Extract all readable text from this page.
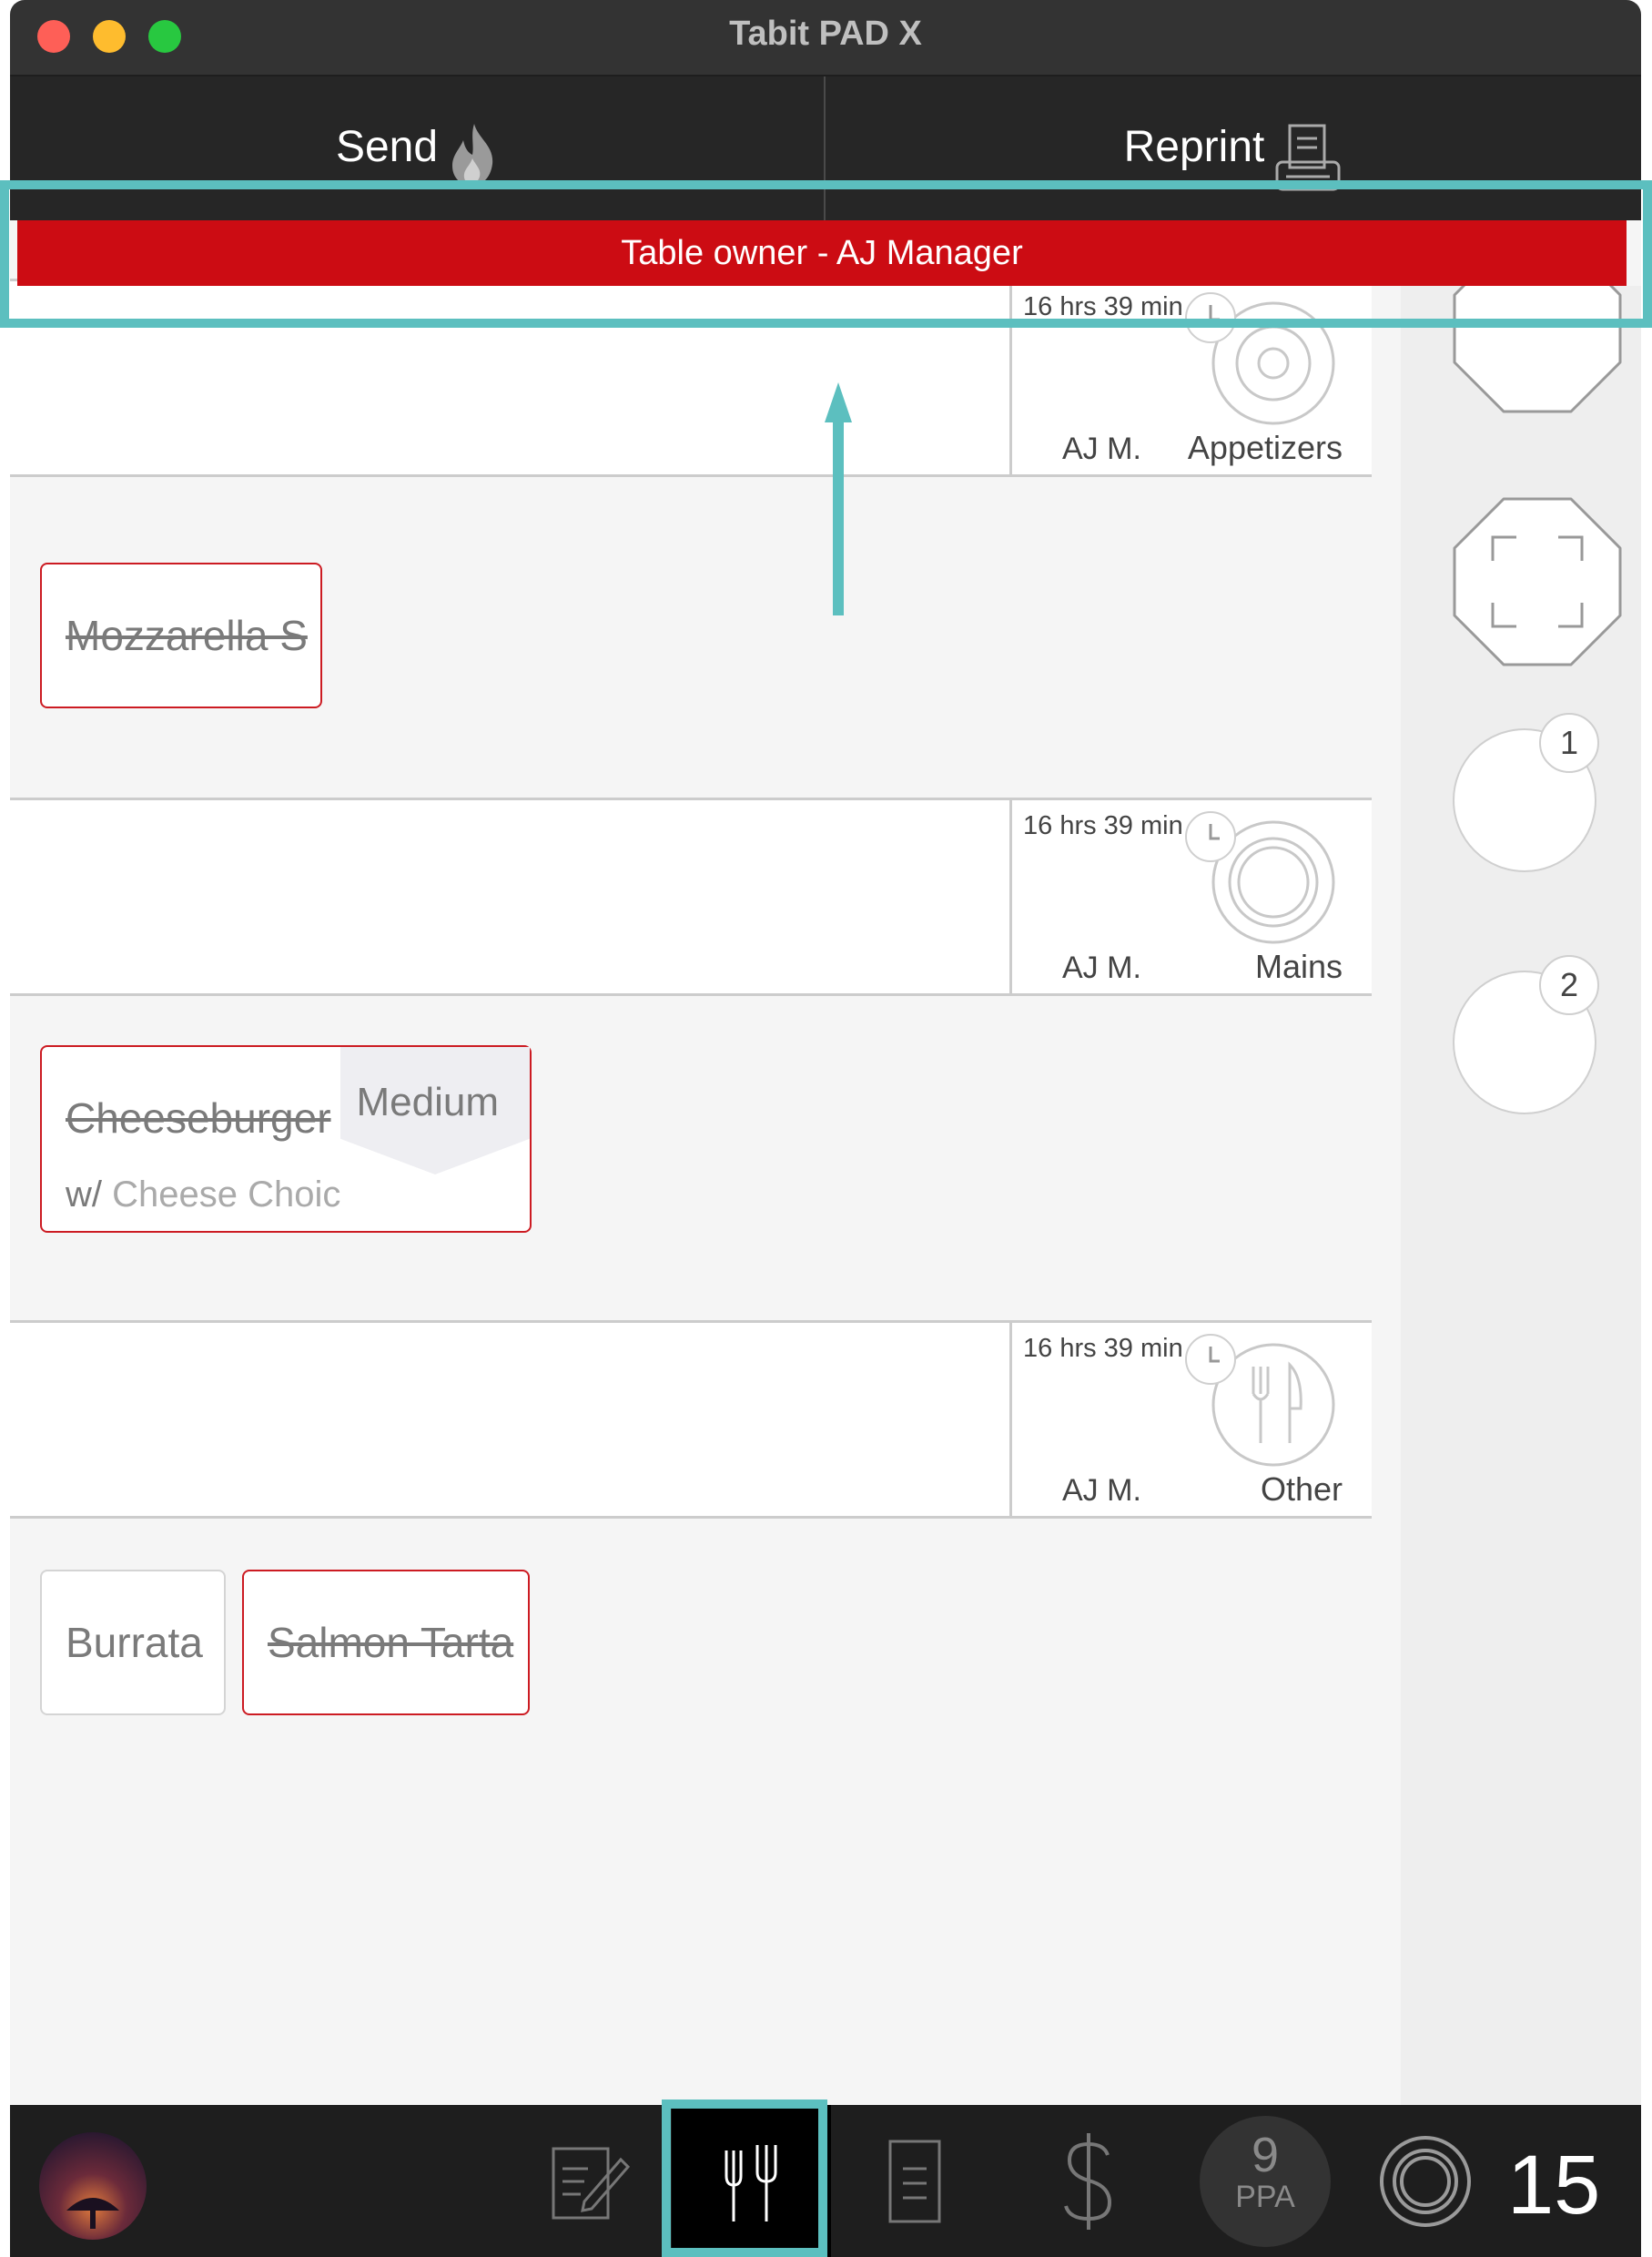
Tabit PAD X
Send	Reprint
16 hrs 39 min
AJ M. Appetizers
Mozzarella S
16 hrs 39 min
AJ M.	Mains
Medium
Cheeseburger
w/ Cheese Choic
16 hrs 39 min
AJ M.	Other
Burrata Salmon Tarta
1
2
Table owner - AJ Manager
9
PPA	15
